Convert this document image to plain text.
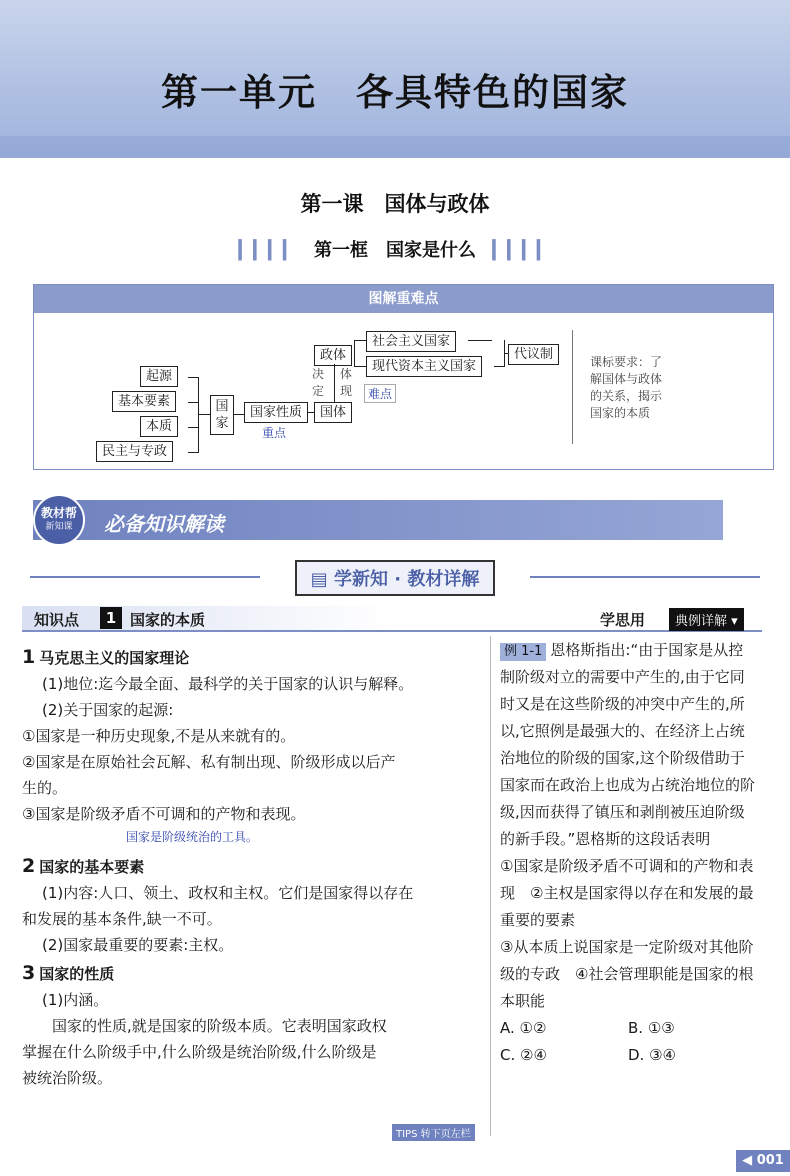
第一单元　各具特色的国家
第一课　国体与政体
▎▎▎▎ 第一框　国家是什么 ▎▎▎▎
图解重难点
起源
基本要素
本质
民主与专政
国家
国家性质
重点
国体
政体
决定
体现	难点
社会主义国家
现代资本主义国家
代议制	课标要求：了
解国体与政体
的关系，揭示
国家的本质
教材帮
新知课	必备知识解读
▤ 学新知 · 教材详解
知识点	1 国家的本质	学思用	典例详解 ▾
1 马克思主义的国家理论
(1)地位:迄今最全面、最科学的关于国家的认识与解释。
(2)关于国家的起源:
①国家是一种历史现象,不是从来就有的。
②国家是在原始社会瓦解、私有制出现、阶级形成以后产
生的。
③国家是阶级矛盾不可调和的产物和表现。
国家是阶级统治的工具。
2 国家的基本要素
(1)内容:人口、领土、政权和主权。它们是国家得以存在
和发展的基本条件,缺一不可。
(2)国家最重要的要素:主权。
3 国家的性质
(1)内涵。
国家的性质,就是国家的阶级本质。它表明国家政权
掌握在什么阶级手中,什么阶级是统治阶级,什么阶级是
被统治阶级。
例 1-1 恩格斯指出:“由于国家是从控制阶级对立的需要中产生的,由于它同时又是在这些阶级的冲突中产生的,所以,它照例是最强大的、在经济上占统治地位的阶级的国家,这个阶级借助于国家而在政治上也成为占统治地位的阶级,因而获得了镇压和剥削被压迫阶级的新手段。”恩格斯的这段话表明
①国家是阶级矛盾不可调和的产物和表现　②主权是国家得以存在和发展的最重要的要素
③从本质上说国家是一定阶级对其他阶级的专政　④社会管理职能是国家的根本职能
A. ①②	B. ①③
C. ②④	D. ③④
TIPS 转下页左栏
◀ 001
